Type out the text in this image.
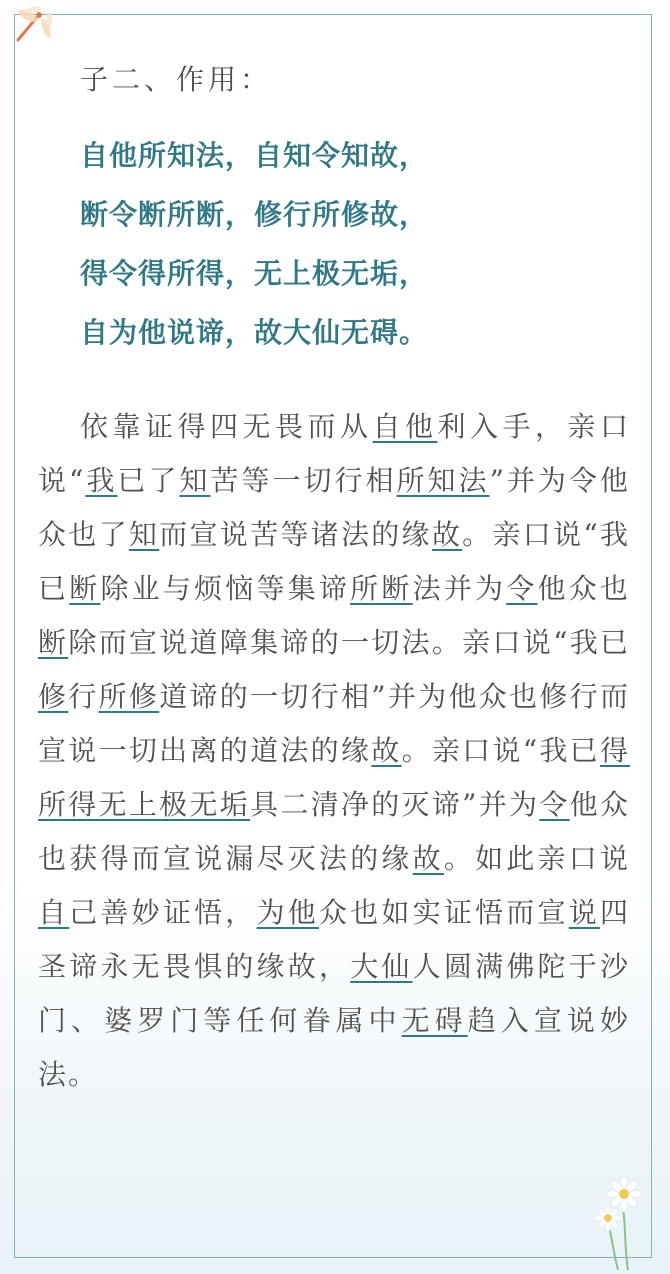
子二、作用：
自他所知法，自知令知故，
断令断所断，修行所修故，
得令得所得，无上极无垢，
自为他说谛，故大仙无碍。

依靠证得四无畏而从自他利入手，亲口说“我已了知苦等一切行相所知法”并为令他众也了知而宣说苦等诸法的缘故。亲口说“我已断除业与烦恼等集谛所断法并为令他众也断除而宣说道障集谛的一切法。亲口说“我已修行所修道谛的一切行相”并为他众也修行而宣说一切出离的道法的缘故。亲口说“我已得所得无上极无垢具二清净的灭谛”并为令他众也获得而宣说漏尽灭法的缘故。如此亲口说自己善妙证悟，为他众也如实证悟而宣说四圣谛永无畏惧的缘故，大仙人圆满佛陀于沙门、婆罗门等任何眷属中无碍趋入宣说妙法。
